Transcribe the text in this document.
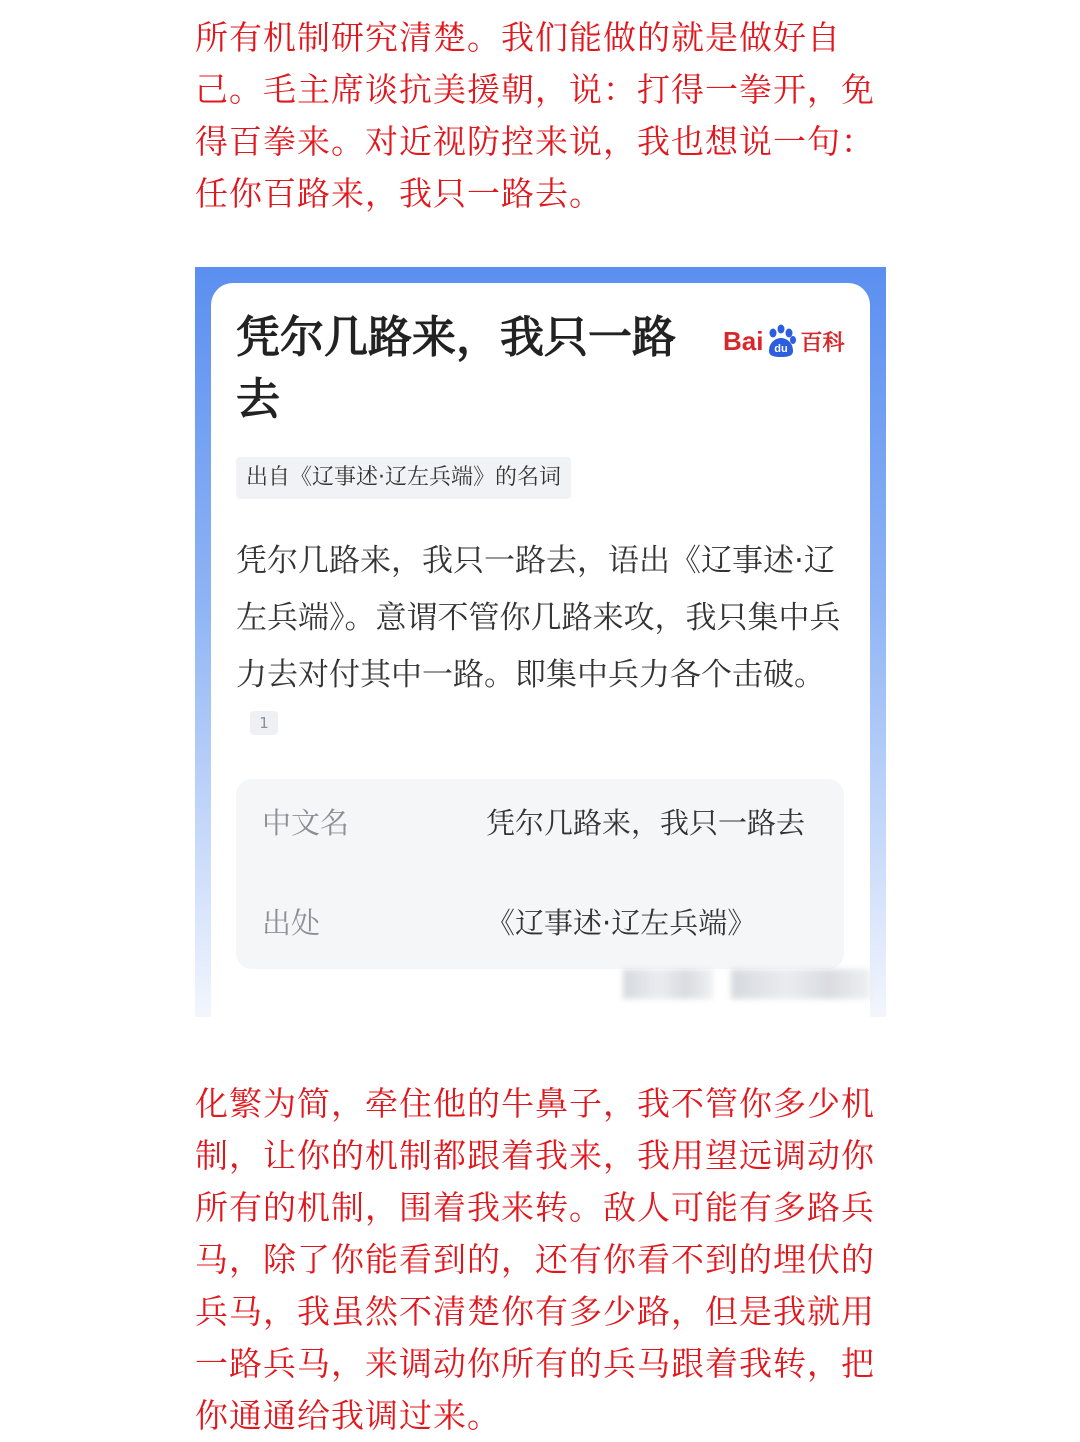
所有机制研究清楚。我们能做的就是做好自己。毛主席谈抗美援朝，说：打得一拳开，免得百拳来。对近视防控来说，我也想说一句：任你百路来，我只一路去。

凭尔几路来，我只一路去
Bai du 百科
出自《辽事述·辽左兵端》的名词

凭尔几路来，我只一路去，语出《辽事述·辽左兵端》。意谓不管你几路来攻，我只集中兵力去对付其中一路。即集中兵力各个击破。1

中文名	凭尔几路来，我只一路去
出处	《辽事述·辽左兵端》

化繁为简，牵住他的牛鼻子，我不管你多少机制，让你的机制都跟着我来，我用望远调动你所有的机制，围着我来转。敌人可能有多路兵马，除了你能看到的，还有你看不到的埋伏的兵马，我虽然不清楚你有多少路，但是我就用一路兵马，来调动你所有的兵马跟着我转，把你通通给我调过来。
